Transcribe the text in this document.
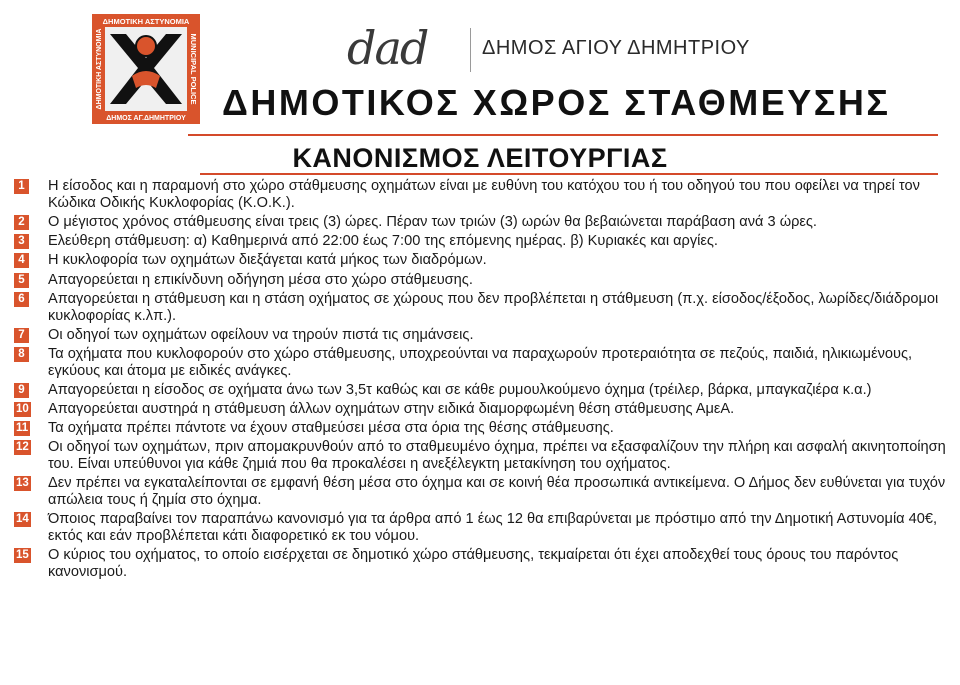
ΔΗΜΟΤΙΚΗ ΑΣΤΥΝΟΜΙΑ
ΔΗΜΟΣ ΑΓ.ΔΗΜΗΤΡΙΟΥ
ΔΗΜΟΤΙΚΗ ΑΣΤΥΝΟΜΙΑ	MUNICIPAL POLICE	dad	ΔΗΜΟΣ ΑΓΙΟΥ ΔΗΜΗΤΡΙΟΥ
ΔΗΜΟΤΙΚΟΣ ΧΩΡΟΣ ΣΤΑΘΜΕΥΣΗΣ
ΚΑΝΟΝΙΣΜΟΣ ΛΕΙΤΟΥΡΓΙΑΣ
1 Η είσοδος και η παραμονή στο χώρο στάθμευσης οχημάτων είναι με ευθύνη του κατόχου του ή του οδηγού του που οφείλει να τηρεί τον Κώδικα Οδικής Κυκλοφορίας (Κ.Ο.Κ.).
2 Ο μέγιστος χρόνος στάθμευσης είναι τρεις (3) ώρες. Πέραν των τριών (3) ωρών θα βεβαιώνεται παράβαση ανά 3 ώρες.
3 Ελεύθερη στάθμευση: α) Καθημερινά από 22:00 έως 7:00 της επόμενης ημέρας. β) Κυριακές και αργίες.
4 Η κυκλοφορία των οχημάτων διεξάγεται κατά μήκος των διαδρόμων.
5 Απαγορεύεται η επικίνδυνη οδήγηση μέσα στο χώρο στάθμευσης.
6 Απαγορεύεται η στάθμευση και η στάση οχήματος σε χώρους που δεν προβλέπεται η στάθμευση (π.χ. είσοδος/έξοδος, λωρίδες/διάδρομοι κυκλοφορίας κ.λπ.).
7 Οι οδηγοί των οχημάτων οφείλουν να τηρούν πιστά τις σημάνσεις.
8 Τα οχήματα που κυκλοφορούν στο χώρο στάθμευσης, υποχρεούνται να παραχωρούν προτεραιότητα σε πεζούς, παιδιά, ηλικιωμένους, εγκύους και άτομα με ειδικές ανάγκες.
9 Απαγορεύεται η είσοδος σε οχήματα άνω των 3,5τ καθώς και σε κάθε ρυμουλκούμενο όχημα (τρέιλερ, βάρκα, μπαγκαζιέρα κ.α.)
10 Απαγορεύεται αυστηρά η στάθμευση άλλων οχημάτων στην ειδικά διαμορφωμένη θέση στάθμευσης ΑμεΑ.
11 Τα οχήματα πρέπει πάντοτε να έχουν σταθμεύσει μέσα στα όρια της θέσης στάθμευσης.
12 Οι οδηγοί των οχημάτων, πριν απομακρυνθούν από το σταθμευμένο όχημα, πρέπει να εξασφαλίζουν την πλήρη και ασφαλή ακινητοποίηση του. Είναι υπεύθυνοι για κάθε ζημιά που θα προκαλέσει η ανεξέλεγκτη μετακίνηση του οχήματος.
13 Δεν πρέπει να εγκαταλείπονται σε εμφανή θέση μέσα στο όχημα και σε κοινή θέα προσωπικά αντικείμενα. Ο Δήμος δεν ευθύνεται για τυχόν απώλεια τους ή ζημία στο όχημα.
14 Όποιος παραβαίνει τον παραπάνω κανονισμό για τα άρθρα από 1 έως 12 θα επιβαρύνεται με πρόστιμο από την Δημοτική Αστυνομία 40€, εκτός και εάν προβλέπεται κάτι διαφορετικό εκ του νόμου.
15 Ο κύριος του οχήματος, το οποίο εισέρχεται σε δημοτικό χώρο στάθμευσης, τεκμαίρεται ότι έχει αποδεχθεί τους όρους του παρόντος κανονισμού.
